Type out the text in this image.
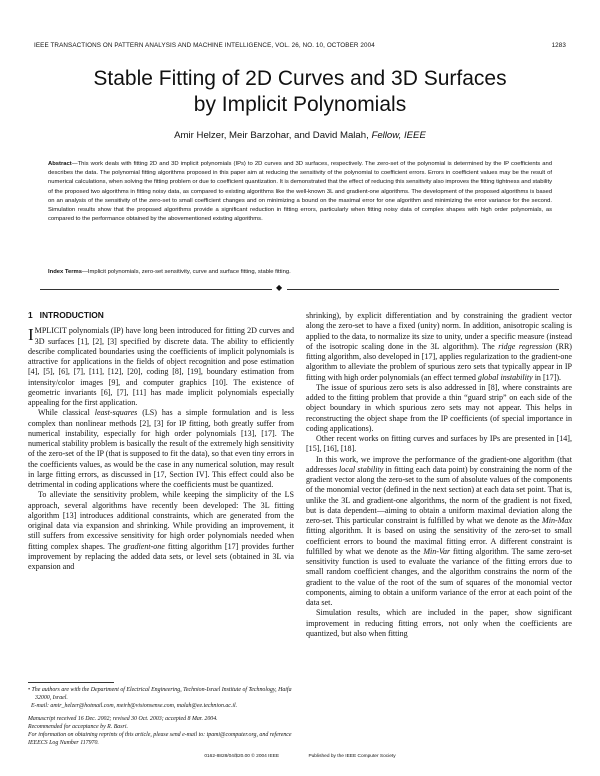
IEEE TRANSACTIONS ON PATTERN ANALYSIS AND MACHINE INTELLIGENCE, VOL. 26, NO. 10, OCTOBER 2004	1283
Stable Fitting of 2D Curves and 3D Surfaces
by Implicit Polynomials
Amir Helzer, Meir Barzohar, and David Malah, Fellow, IEEE
Abstract—This work deals with fitting 2D and 3D implicit polynomials (IPs) to 2D curves and 3D surfaces, respectively. The zero-set of the polynomial is determined by the IP coefficients and describes the data. The polynomial fitting algorithms proposed in this paper aim at reducing the sensitivity of the polynomial to coefficient errors. Errors in coefficient values may be the result of numerical calculations, when solving the fitting problem or due to coefficient quantization. It is demonstrated that the effect of reducing this sensitivity also improves the fitting tightness and stability of the proposed two algorithms in fitting noisy data, as compared to existing algorithms like the well-known 3L and gradient-one algorithms. The development of the proposed algorithms is based on an analysis of the sensitivity of the zero-set to small coefficient changes and on minimizing a bound on the maximal error for one algorithm and minimizing the error variance for the second. Simulation results show that the proposed algorithms provide a significant reduction in fitting errors, particularly when fitting noisy data of complex shapes with high order polynomials, as compared to the performance obtained by the abovementioned existing algorithms.
Index Terms—Implicit polynomials, zero-set sensitivity, curve and surface fitting, stable fitting.
◆
1 INTRODUCTION

IMPLICIT polynomials (IP) have long been introduced for fitting 2D curves and 3D surfaces [1], [2], [3] specified by discrete data. The ability to efficiently describe complicated boundaries using the coefficients of implicit polynomials is attractive for applications in the fields of object recognition and pose estimation [4], [5], [6], [7], [11], [12], [20], coding [8], [19], boundary estimation from intensity/color images [9], and computer graphics [10]. The existence of geometric invariants [6], [7], [11] has made implicit polynomials especially appealing for the first application.

While classical least-squares (LS) has a simple formulation and is less complex than nonlinear methods [2], [3] for IP fitting, both greatly suffer from numerical instability, especially for high order polynomials [13], [17]. The numerical stability problem is basically the result of the extremely high sensitivity of the zero-set of the IP (that is supposed to fit the data), so that even tiny errors in the coefficients values, as would be the case in any numerical solution, may result in large fitting errors, as discussed in [17, Section IV]. This effect could also be detrimental in coding applications where the coefficients must be quantized.

To alleviate the sensitivity problem, while keeping the simplicity of the LS approach, several algorithms have recently been developed: The 3L fitting algorithm [13] introduces additional constraints, which are generated from the original data via expansion and shrinking. While providing an improvement, it still suffers from excessive sensitivity for high order polynomials needed when fitting complex shapes. The gradient-one fitting algorithm [17] provides further improvement by replacing the added data sets, or level sets (obtained in 3L via expansion and

• The authors are with the Department of Electrical Engineering, Technion-Israel Institute of Technology, Haifa 32000, Israel.

E-mail: amir_helzer@hotmail.com, meirb@visionsense.com, malah@ee.technion.ac.il.

Manuscript received 16 Dec. 2002; revised 30 Oct. 2003; accepted 8 Mar. 2004.

Recommended for acceptance by R. Basri.

For information on obtaining reprints of this article, please send e-mail to: tpami@computer.org, and reference IEEECS Log Number 117970.

shrinking), by explicit differentiation and by constraining the gradient vector along the zero-set to have a fixed (unity) norm. In addition, anisotropic scaling is applied to the data, to normalize its size to unity, under a specific measure (instead of the isotropic scaling done in the 3L algorithm). The ridge regression (RR) fitting algorithm, also developed in [17], applies regularization to the gradient-one algorithm to alleviate the problem of spurious zero sets that typically appear in IP fitting with high order polynomials (an effect termed global instability in [17]).

The issue of spurious zero sets is also addressed in [8], where constraints are added to the fitting problem that provide a thin “guard strip” on each side of the object boundary in which spurious zero sets may not appear. This helps in reconstructing the object shape from the IP coefficients (of special importance in coding applications).

Other recent works on fitting curves and surfaces by IPs are presented in [14], [15], [16], [18].

In this work, we improve the performance of the gradient-one algorithm (that addresses local stability in fitting each data point) by constraining the norm of the gradient vector along the zero-set to the sum of absolute values of the components of the monomial vector (defined in the next section) at each data set point. That is, unlike the 3L and gradient-one algorithms, the norm of the gradient is not fixed, but is data dependent—aiming to obtain a uniform maximal deviation along the zero-set. This particular constraint is fulfilled by what we denote as the Min-Max fitting algorithm. It is based on using the sensitivity of the zero-set to small coefficient errors to bound the maximal fitting error. A different constraint is fulfilled by what we denote as the Min-Var fitting algorithm. The same zero-set sensitivity function is used to evaluate the variance of the fitting errors due to small random coefficient changes, and the algorithm constrains the norm of the gradient to the value of the root of the sum of squares of the monomial vector components, aiming to obtain a uniform variance of the error at each point of the data set.

Simulation results, which are included in the paper, show significant improvement in reducing fitting errors, not only when the coefficients are quantized, but also when fitting

0162-8828/04/$20.00 © 2004 IEEE	Published by the IEEE Computer Society
